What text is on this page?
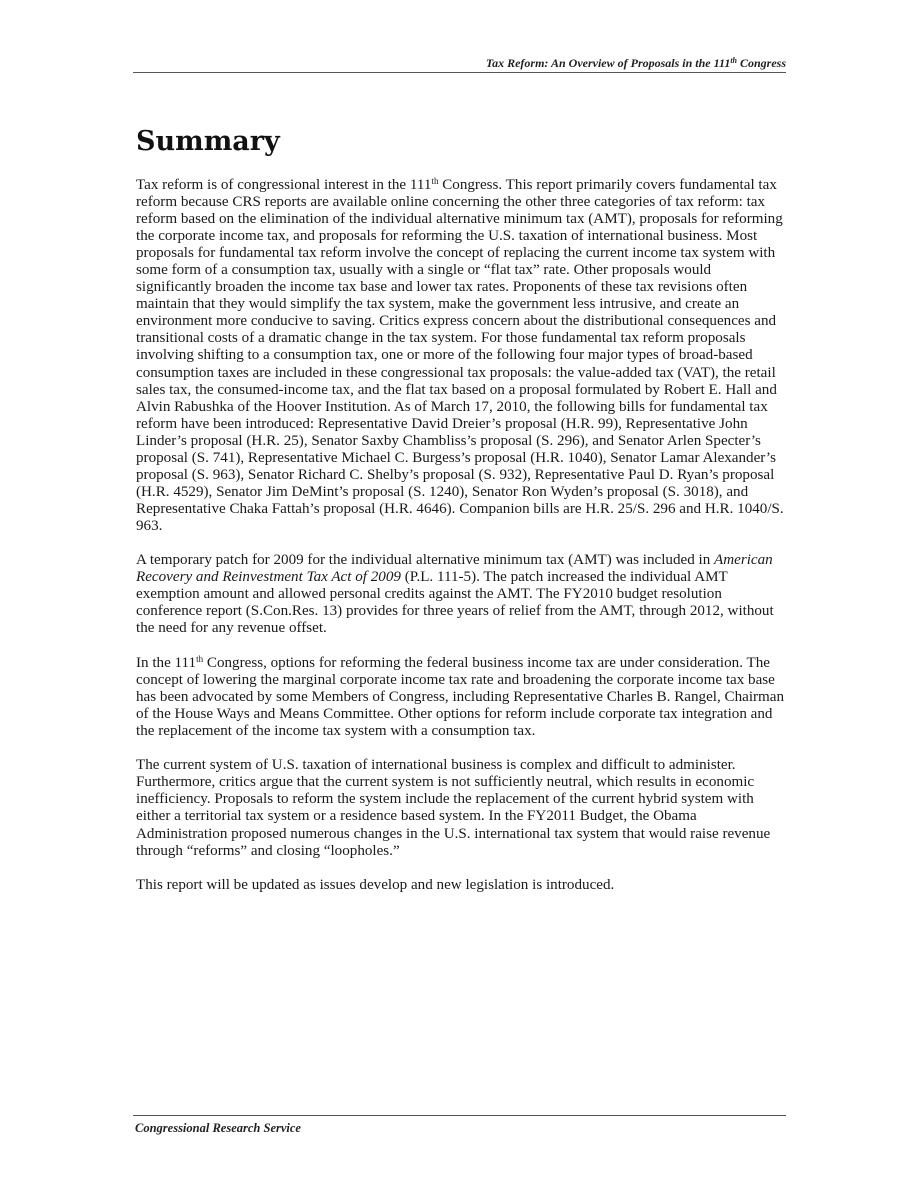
Tax Reform: An Overview of Proposals in the 111th Congress
Summary

Tax reform is of congressional interest in the 111th Congress. This report primarily covers fundamental tax reform because CRS reports are available online concerning the other three categories of tax reform: tax reform based on the elimination of the individual alternative minimum tax (AMT), proposals for reforming the corporate income tax, and proposals for reforming the U.S. taxation of international business. Most proposals for fundamental tax reform involve the concept of replacing the current income tax system with some form of a consumption tax, usually with a single or “flat tax” rate. Other proposals would significantly broaden the income tax base and lower tax rates. Proponents of these tax revisions often maintain that they would simplify the tax system, make the government less intrusive, and create an environment more conducive to saving. Critics express concern about the distributional consequences and transitional costs of a dramatic change in the tax system. For those fundamental tax reform proposals involving shifting to a consumption tax, one or more of the following four major types of broad-based consumption taxes are included in these congressional tax proposals: the value-added tax (VAT), the retail sales tax, the consumed-income tax, and the flat tax based on a proposal formulated by Robert E. Hall and Alvin Rabushka of the Hoover Institution. As of March 17, 2010, the following bills for fundamental tax reform have been introduced: Representative David Dreier’s proposal (H.R. 99), Representative John Linder’s proposal (H.R. 25), Senator Saxby Chambliss’s proposal (S. 296), and Senator Arlen Specter’s proposal (S. 741), Representative Michael C. Burgess’s proposal (H.R. 1040), Senator Lamar Alexander’s proposal (S. 963), Senator Richard C. Shelby’s proposal (S. 932), Representative Paul D. Ryan’s proposal (H.R. 4529), Senator Jim DeMint’s proposal (S. 1240), Senator Ron Wyden’s proposal (S. 3018), and Representative Chaka Fattah’s proposal (H.R. 4646). Companion bills are H.R. 25/S. 296 and H.R. 1040/S. 963.

A temporary patch for 2009 for the individual alternative minimum tax (AMT) was included in American Recovery and Reinvestment Tax Act of 2009 (P.L. 111-5). The patch increased the individual AMT exemption amount and allowed personal credits against the AMT. The FY2010 budget resolution conference report (S.Con.Res. 13) provides for three years of relief from the AMT, through 2012, without the need for any revenue offset.

In the 111th Congress, options for reforming the federal business income tax are under consideration. The concept of lowering the marginal corporate income tax rate and broadening the corporate income tax base has been advocated by some Members of Congress, including Representative Charles B. Rangel, Chairman of the House Ways and Means Committee. Other options for reform include corporate tax integration and the replacement of the income tax system with a consumption tax.

The current system of U.S. taxation of international business is complex and difficult to administer. Furthermore, critics argue that the current system is not sufficiently neutral, which results in economic inefficiency. Proposals to reform the system include the replacement of the current hybrid system with either a territorial tax system or a residence based system. In the FY2011 Budget, the Obama Administration proposed numerous changes in the U.S. international tax system that would raise revenue through “reforms” and closing “loopholes.”

This report will be updated as issues develop and new legislation is introduced.

Congressional Research Service
